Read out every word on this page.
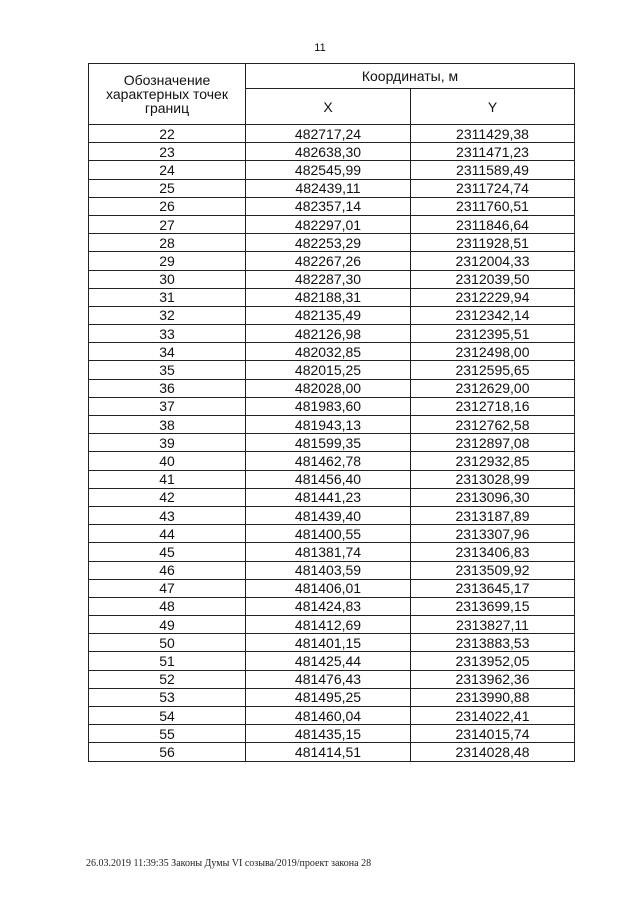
11
Обозначение характерных точек границ	Координаты, м	
	X	Y
22	482717,24	2311429,38
23	482638,30	2311471,23
24	482545,99	2311589,49
25	482439,11	2311724,74
26	482357,14	2311760,51
27	482297,01	2311846,64
28	482253,29	2311928,51
29	482267,26	2312004,33
30	482287,30	2312039,50
31	482188,31	2312229,94
32	482135,49	2312342,14
33	482126,98	2312395,51
34	482032,85	2312498,00
35	482015,25	2312595,65
36	482028,00	2312629,00
37	481983,60	2312718,16
38	481943,13	2312762,58
39	481599,35	2312897,08
40	481462,78	2312932,85
41	481456,40	2313028,99
42	481441,23	2313096,30
43	481439,40	2313187,89
44	481400,55	2313307,96
45	481381,74	2313406,83
46	481403,59	2313509,92
47	481406,01	2313645,17
48	481424,83	2313699,15
49	481412,69	2313827,11
50	481401,15	2313883,53
51	481425,44	2313952,05
52	481476,43	2313962,36
53	481495,25	2313990,88
54	481460,04	2314022,41
55	481435,15	2314015,74
56	481414,51	2314028,48
26.03.2019 11:39:35 Законы Думы VI созыва/2019/проект закона 28
